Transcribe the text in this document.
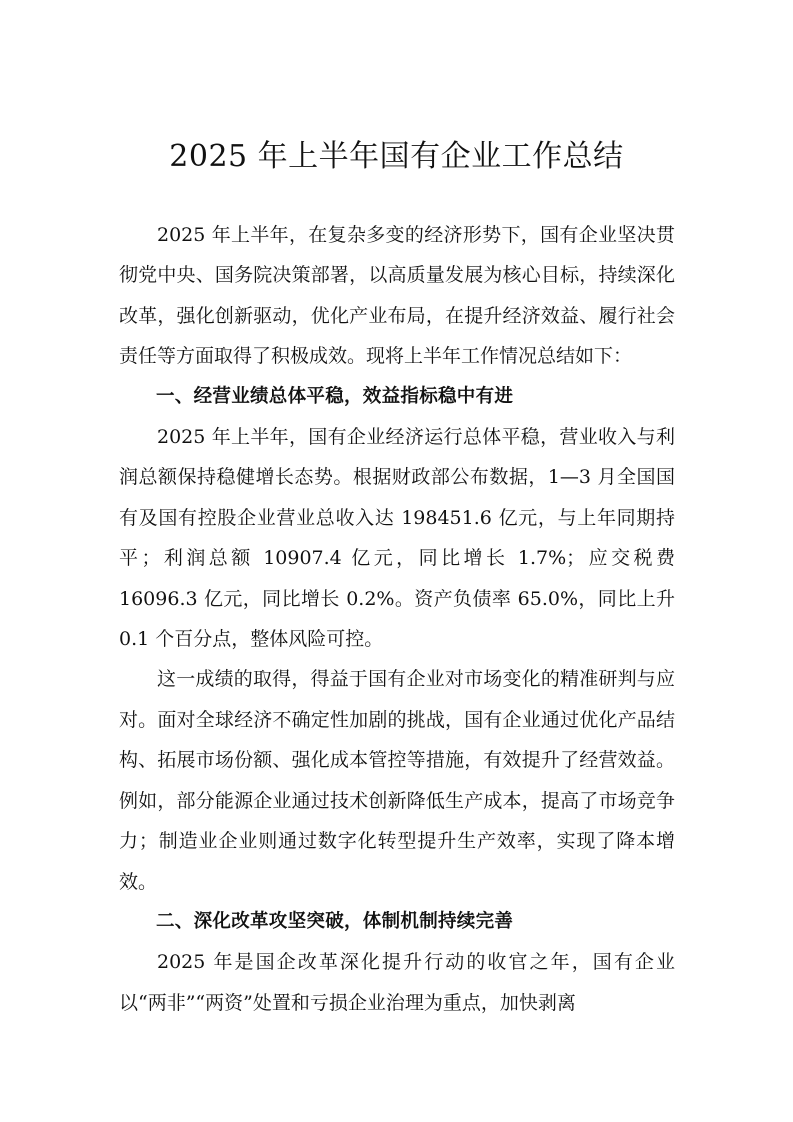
2025 年上半年国有企业工作总结

2025 年上半年，在复杂多变的经济形势下，国有企业坚决贯彻党中央、国务院决策部署，以高质量发展为核心目标，持续深化改革，强化创新驱动，优化产业布局，在提升经济效益、履行社会责任等方面取得了积极成效。现将上半年工作情况总结如下：

一、经营业绩总体平稳，效益指标稳中有进

2025 年上半年，国有企业经济运行总体平稳，营业收入与利润总额保持稳健增长态势。根据财政部公布数据，1—3 月全国国有及国有控股企业营业总收入达 198451.6 亿元，与上年同期持平；利润总额 10907.4 亿元，同比增长 1.7%；应交税费 16096.3 亿元，同比增长 0.2%。资产负债率 65.0%，同比上升 0.1 个百分点，整体风险可控。

这一成绩的取得，得益于国有企业对市场变化的精准研判与应对。面对全球经济不确定性加剧的挑战，国有企业通过优化产品结构、拓展市场份额、强化成本管控等措施，有效提升了经营效益。例如，部分能源企业通过技术创新降低生产成本，提高了市场竞争力；制造业企业则通过数字化转型提升生产效率，实现了降本增效。

二、深化改革攻坚突破，体制机制持续完善

2025 年是国企改革深化提升行动的收官之年，国有企业以“两非”“两资”处置和亏损企业治理为重点，加快剥离
